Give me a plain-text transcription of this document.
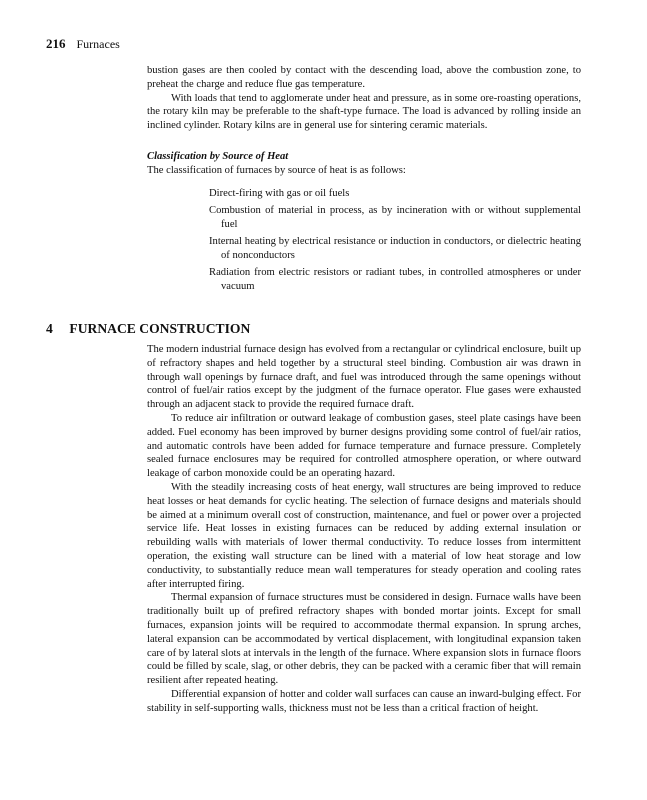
216 Furnaces

bustion gases are then cooled by contact with the descending load, above the combustion zone, to preheat the charge and reduce flue gas temperature.

With loads that tend to agglomerate under heat and pressure, as in some ore-roasting operations, the rotary kiln may be preferable to the shaft-type furnace. The load is advanced by rolling inside an inclined cylinder. Rotary kilns are in general use for sintering ceramic materials.

Classification by Source of Heat

The classification of furnaces by source of heat is as follows:

Direct-firing with gas or oil fuels
Combustion of material in process, as by incineration with or without supplemental fuel
Internal heating by electrical resistance or induction in conductors, or dielectric heating of nonconductors
Radiation from electric resistors or radiant tubes, in controlled atmospheres or under vacuum
4 FURNACE CONSTRUCTION

The modern industrial furnace design has evolved from a rectangular or cylindrical enclosure, built up of refractory shapes and held together by a structural steel binding. Combustion air was drawn in through wall openings by furnace draft, and fuel was introduced through the same openings without control of fuel/air ratios except by the judgment of the furnace operator. Flue gases were exhausted through an adjacent stack to provide the required furnace draft.

To reduce air infiltration or outward leakage of combustion gases, steel plate casings have been added. Fuel economy has been improved by burner designs providing some control of fuel/air ratios, and automatic controls have been added for furnace temperature and furnace pressure. Completely sealed furnace enclosures may be required for controlled atmosphere operation, or where outward leakage of carbon monoxide could be an operating hazard.

With the steadily increasing costs of heat energy, wall structures are being improved to reduce heat losses or heat demands for cyclic heating. The selection of furnace designs and materials should be aimed at a minimum overall cost of construction, maintenance, and fuel or power over a projected service life. Heat losses in existing furnaces can be reduced by adding external insulation or rebuilding walls with materials of lower thermal conductivity. To reduce losses from intermittent operation, the existing wall structure can be lined with a material of low heat storage and low conductivity, to substantially reduce mean wall temperatures for steady operation and cooling rates after interrupted firing.

Thermal expansion of furnace structures must be considered in design. Furnace walls have been traditionally built up of prefired refractory shapes with bonded mortar joints. Except for small furnaces, expansion joints will be required to accommodate thermal expansion. In sprung arches, lateral expansion can be accommodated by vertical displacement, with longitudinal expansion taken care of by lateral slots at intervals in the length of the furnace. Where expansion slots in furnace floors could be filled by scale, slag, or other debris, they can be packed with a ceramic fiber that will remain resilient after repeated heating.

Differential expansion of hotter and colder wall surfaces can cause an inward-bulging effect. For stability in self-supporting walls, thickness must not be less than a critical fraction of height.
